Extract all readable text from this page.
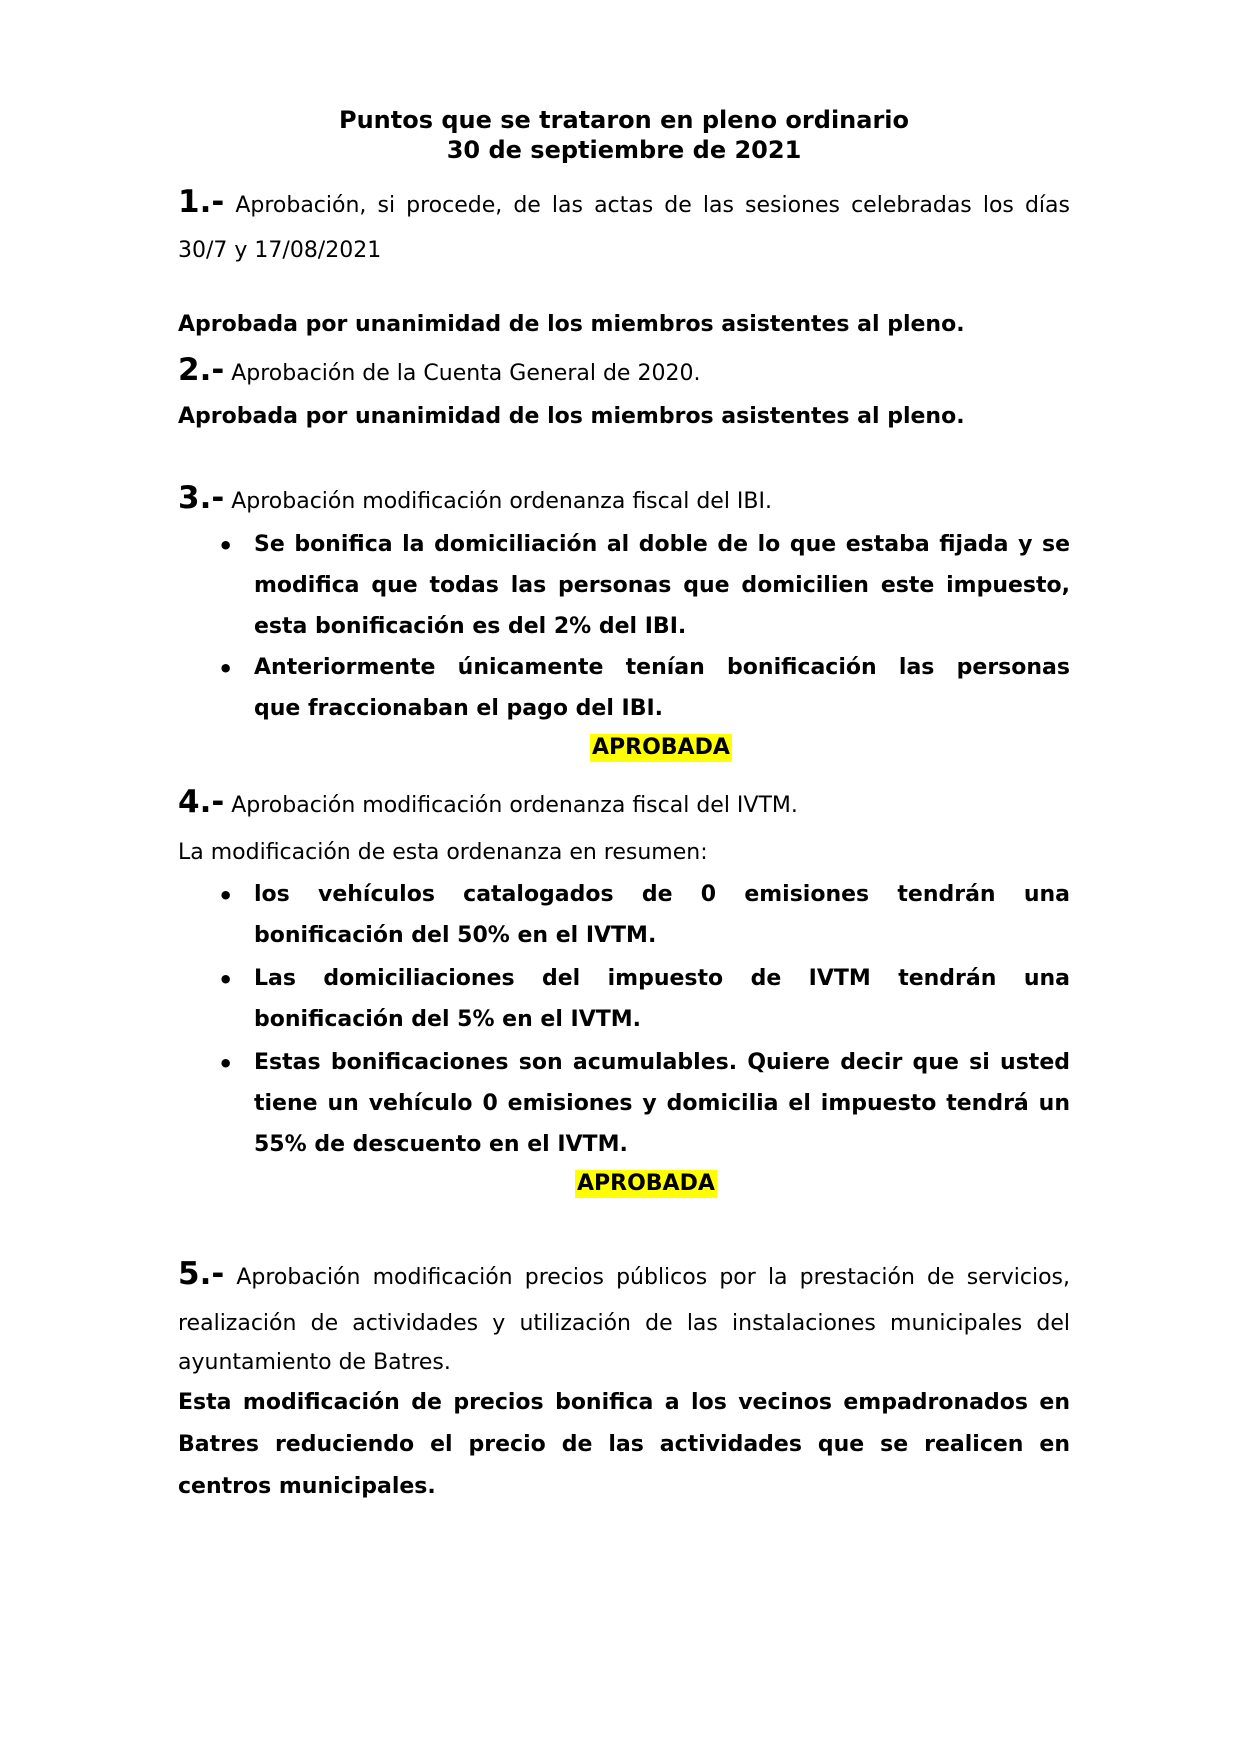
Puntos que se trataron en pleno ordinario
30 de septiembre de 2021
1.- Aprobación, si procede, de las actas de las sesiones celebradas los días
30/7 y 17/08/2021
Aprobada por unanimidad de los miembros asistentes al pleno.
2.- Aprobación de la Cuenta General de 2020.
Aprobada por unanimidad de los miembros asistentes al pleno.
3.- Aprobación modificación ordenanza fiscal del IBI.
• Se bonifica la domiciliación al doble de lo que estaba fijada y se
modifica que todas las personas que domicilien este impuesto,
esta bonificación es del 2% del IBI.
• Anteriormente únicamente tenían bonificación las personas
que fraccionaban el pago del IBI.
APROBADA
4.- Aprobación modificación ordenanza fiscal del IVTM.
La modificación de esta ordenanza en resumen:
• los vehículos catalogados de 0 emisiones tendrán una
bonificación del 50% en el IVTM.
• Las domiciliaciones del impuesto de IVTM tendrán una
bonificación del 5% en el IVTM.
• Estas bonificaciones son acumulables. Quiere decir que si usted
tiene un vehículo 0 emisiones y domicilia el impuesto tendrá un
55% de descuento en el IVTM.
APROBADA
5.- Aprobación modificación precios públicos por la prestación de servicios,
realización de actividades y utilización de las instalaciones municipales del
ayuntamiento de Batres.
Esta modificación de precios bonifica a los vecinos empadronados en
Batres reduciendo el precio de las actividades que se realicen en
centros municipales.
